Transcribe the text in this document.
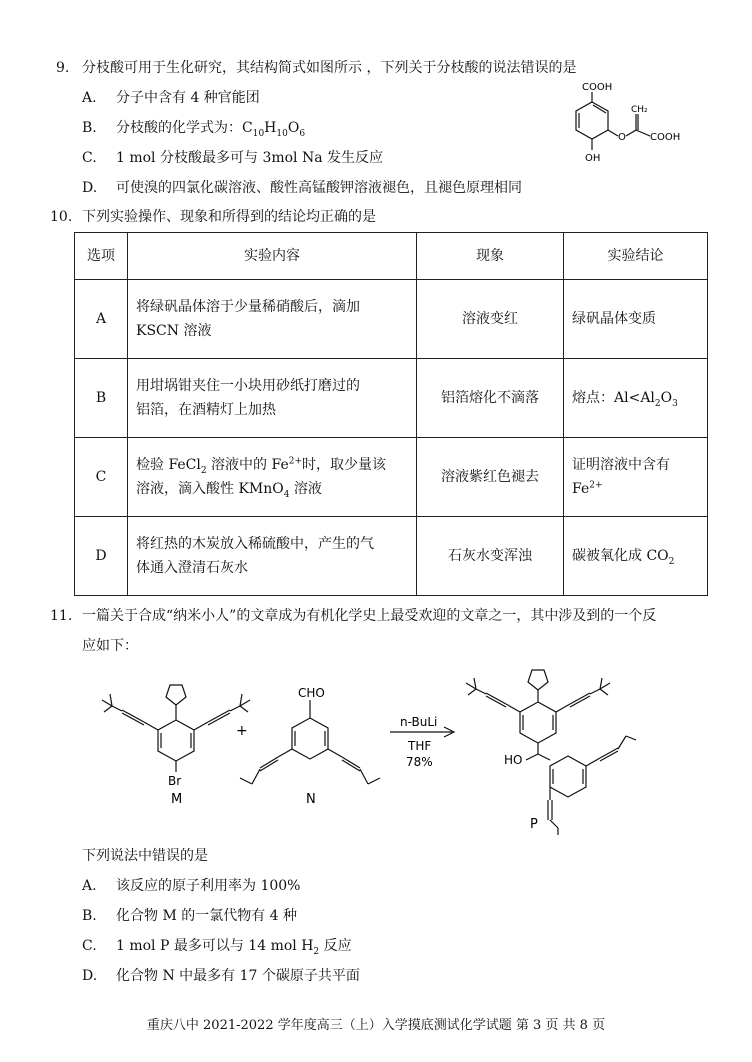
9. 分枝酸可用于生化研究，其结构简式如图所示 ，下列关于分枝酸的说法错误的是
A. 分子中含有 4 种官能团
B. 分枝酸的化学式为：$C_{10}H_{10}O_6$
C. 1 mol 分枝酸最多可与 3mol Na 发生反应
D. 可使溴的四氯化碳溶液、酸性高锰酸钾溶液褪色，且褪色原理相同
COOH
CH₂
O COOH
OH
10. 下列实验操作、现象和所得到的结论均正确的是
选项	实验内容	现象	实验结论
A	将绿矾晶体溶于少量稀硝酸后，滴加
KSCN 溶液	溶液变红	绿矾晶体变质
B	用坩埚钳夹住一小块用砂纸打磨过的
铝箔，在酒精灯上加热	铝箔熔化不滴落	熔点：$Al<Al_2O_3$
C	检验 FeCl$_2$ 溶液中的 $Fe^{2+}$时，取少量该
溶液，滴入酸性 KMnO$_4$ 溶液	溶液紫红色褪去	证明溶液中含有 $Fe^{2+}$
D	将红热的木炭放入稀硫酸中，产生的气
体通入澄清石灰水	石灰水变浑浊	碳被氧化成 $CO_2$
11. 一篇关于合成“纳米小人”的文章成为有机化学史上最受欢迎的文章之一，其中涉及到的一个反
应如下：
Br
M
+
CHO
N
n-BuLi
THF
78%	HO
P
下列说法中错误的是
A. 该反应的原子利用率为 100%
B. 化合物 M 的一氯代物有 4 种
C. 1 mol P 最多可以与 14 mol $H_2$ 反应
D. 化合物 N 中最多有 17 个碳原子共平面
重庆八中 2021-2022 学年度高三（上）入学摸底测试化学试题 第 3 页 共 8 页
